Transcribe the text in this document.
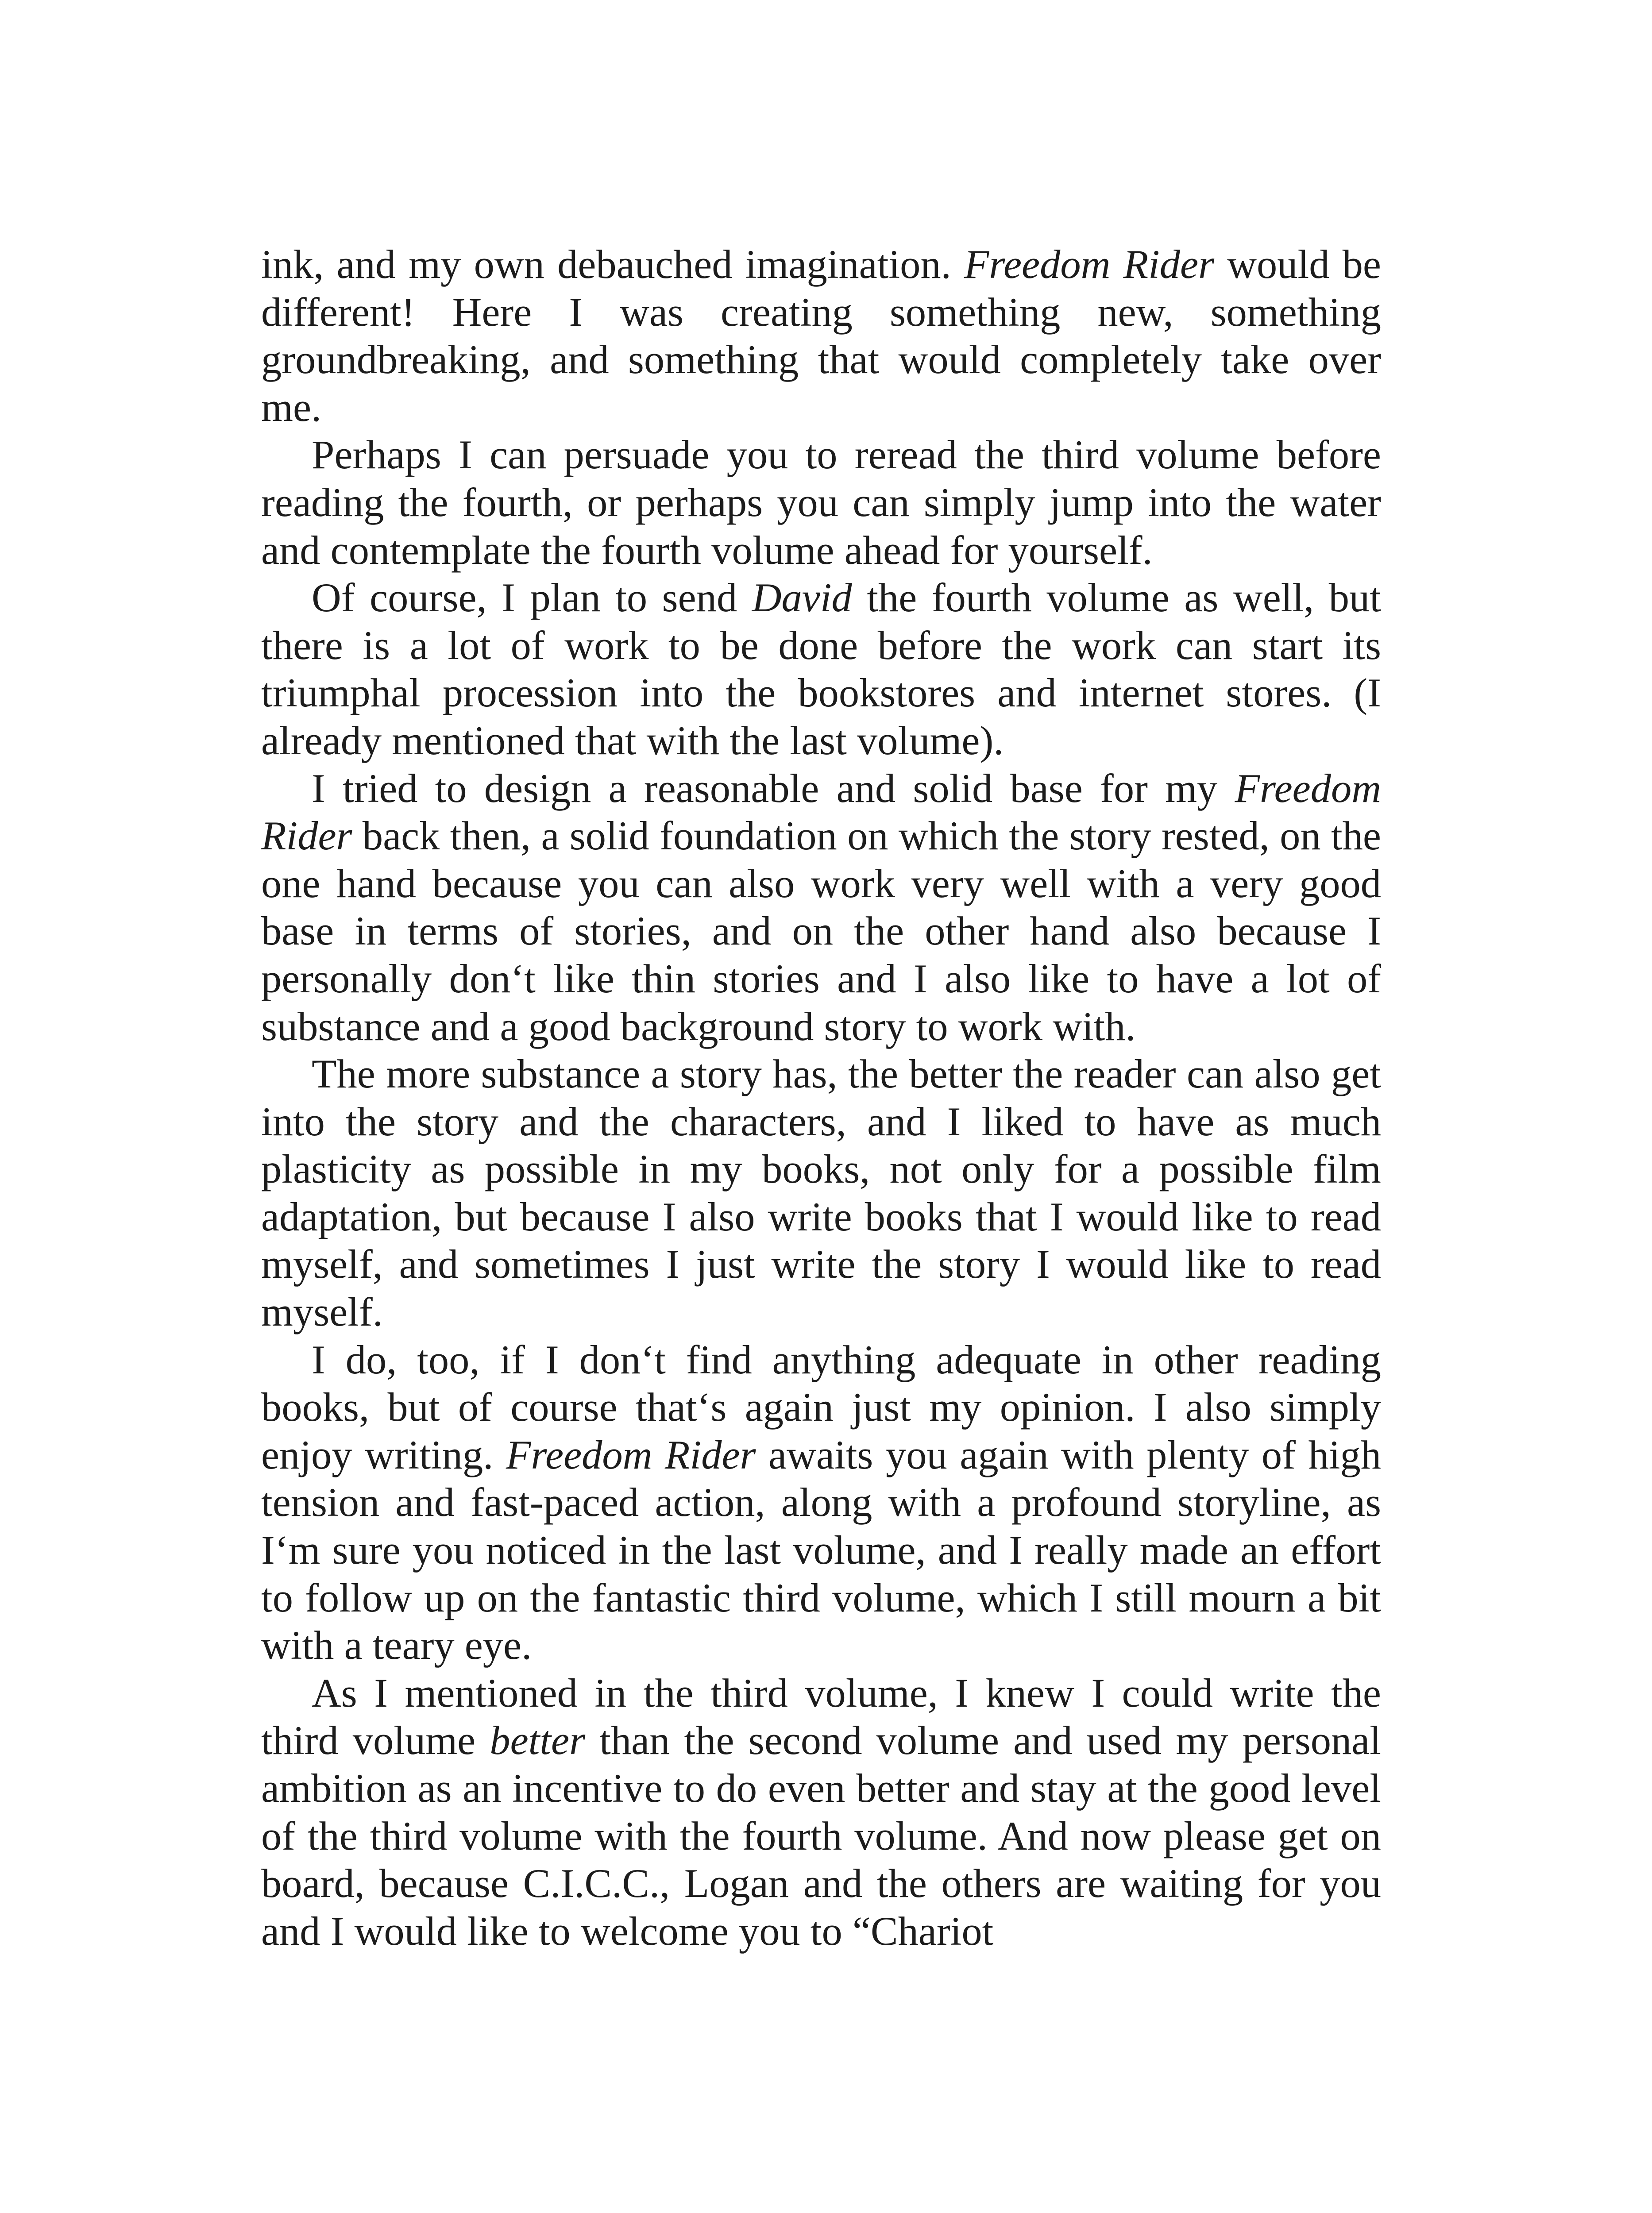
ink, and my own debauched imagination. Freedom Rider would be different! Here I was creating something new, something groundbreaking, and something that would completely take over me.

Perhaps I can persuade you to reread the third volume before reading the fourth, or perhaps you can simply jump into the water and contemplate the fourth volume ahead for yourself.

Of course, I plan to send David the fourth volume as well, but there is a lot of work to be done before the work can start its triumphal procession into the bookstores and internet stores. (I already mentioned that with the last volume).

I tried to design a reasonable and solid base for my Freedom Rider back then, a solid foundation on which the story rested, on the one hand because you can also work very well with a very good base in terms of stories, and on the other hand also because I personally don‘t like thin stories and I also like to have a lot of substance and a good background story to work with.

The more substance a story has, the better the reader can also get into the story and the characters, and I liked to have as much plasticity as possible in my books, not only for a possible film adaptation, but because I also write books that I would like to read myself, and sometimes I just write the story I would like to read myself.

I do, too, if I don‘t find anything adequate in other reading books, but of course that‘s again just my opinion. I also simply enjoy writing. Freedom Rider awaits you again with plenty of high tension and fast-paced action, along with a profound storyline, as I‘m sure you noticed in the last volume, and I really made an effort to follow up on the fantastic third volume, which I still mourn a bit with a teary eye.

As I mentioned in the third volume, I knew I could write the third volume better than the second volume and used my personal ambition as an incentive to do even better and stay at the good level of the third volume with the fourth volume. And now please get on board, because C.I.C.C., Logan and the others are waiting for you and I would like to welcome you to “Chariot
